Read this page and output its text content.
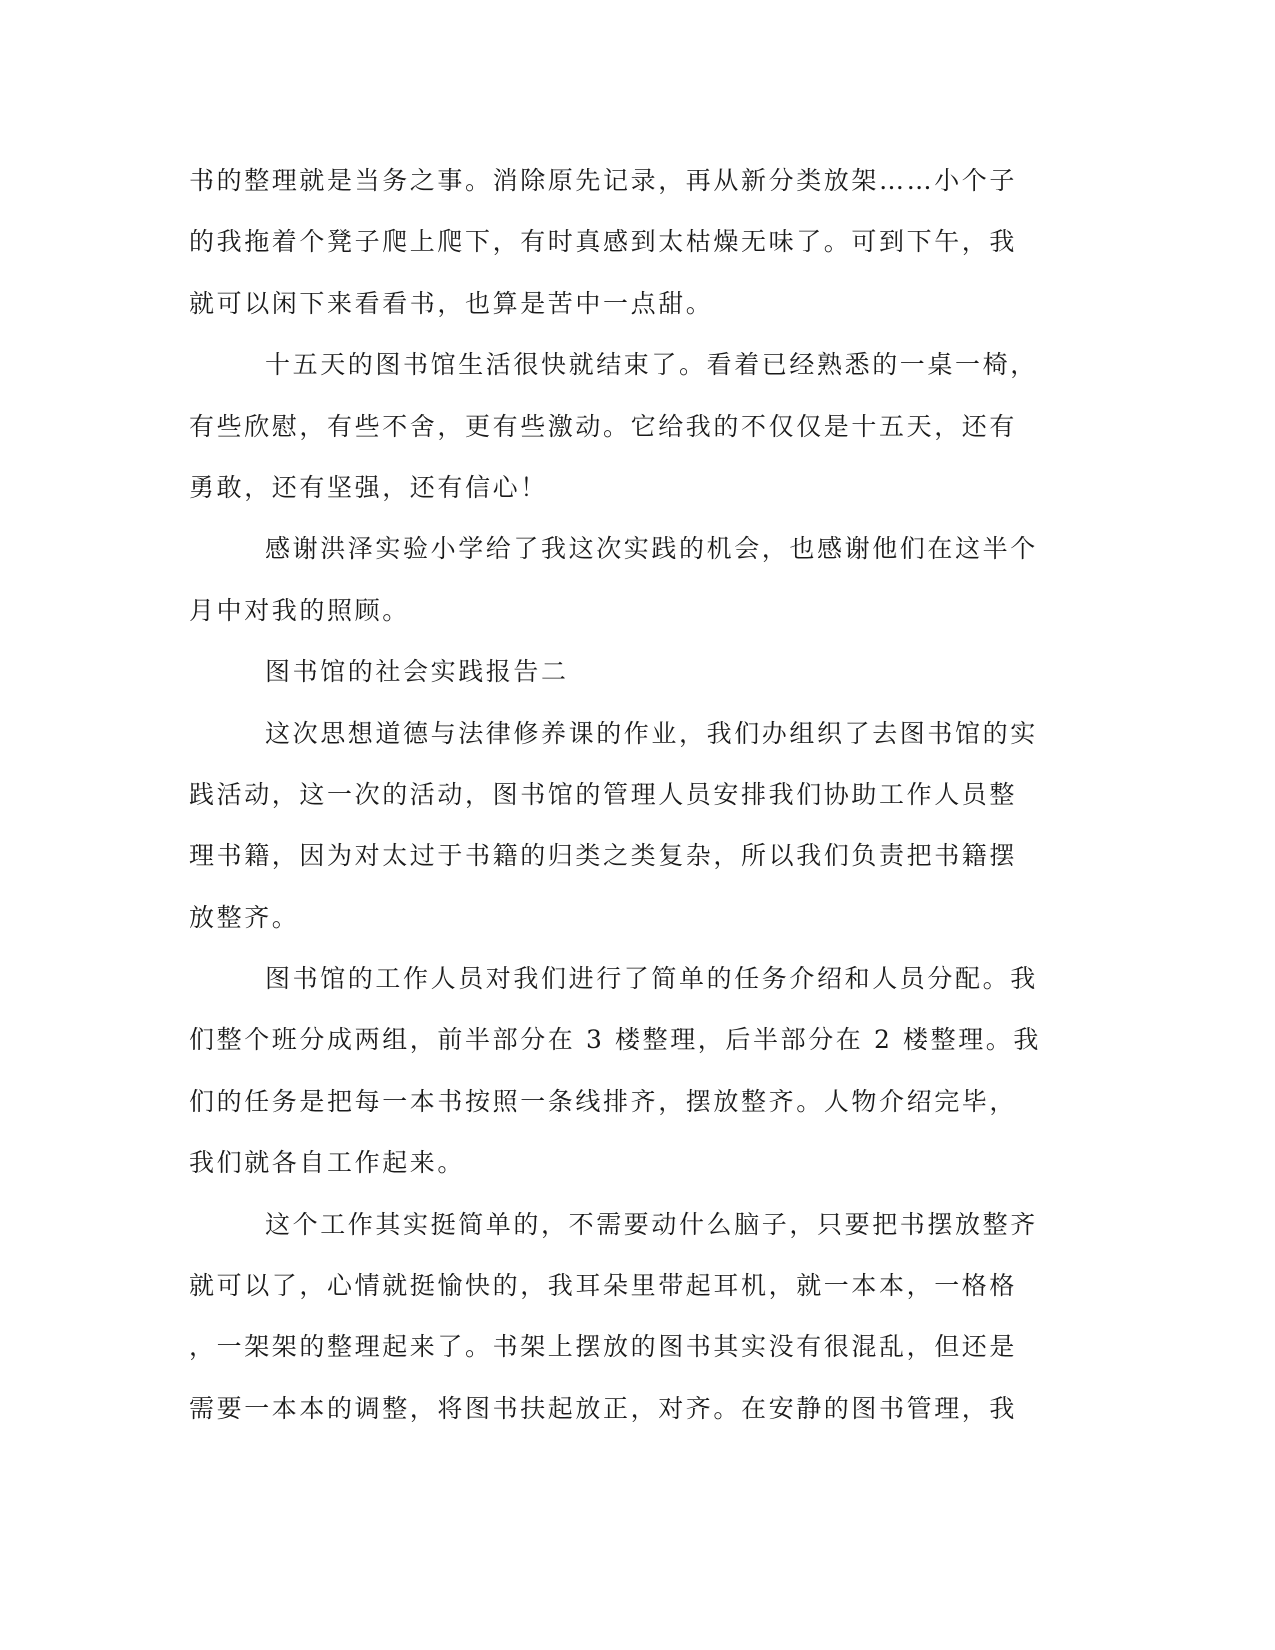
书的整理就是当务之事。消除原先记录，再从新分类放架……小个子
的我拖着个凳子爬上爬下，有时真感到太枯燥无味了。可到下午，我
就可以闲下来看看书，也算是苦中一点甜。
十五天的图书馆生活很快就结束了。看着已经熟悉的一桌一椅，
有些欣慰，有些不舍，更有些激动。它给我的不仅仅是十五天，还有
勇敢，还有坚强，还有信心！
感谢洪泽实验小学给了我这次实践的机会，也感谢他们在这半个
月中对我的照顾。
图书馆的社会实践报告二
这次思想道德与法律修养课的作业，我们办组织了去图书馆的实
践活动，这一次的活动，图书馆的管理人员安排我们协助工作人员整
理书籍，因为对太过于书籍的归类之类复杂，所以我们负责把书籍摆
放整齐。
图书馆的工作人员对我们进行了简单的任务介绍和人员分配。我
们整个班分成两组，前半部分在 3 楼整理，后半部分在 2 楼整理。我
们的任务是把每一本书按照一条线排齐，摆放整齐。人物介绍完毕，
我们就各自工作起来。
这个工作其实挺简单的，不需要动什么脑子，只要把书摆放整齐
就可以了，心情就挺愉快的，我耳朵里带起耳机，就一本本，一格格
，一架架的整理起来了。书架上摆放的图书其实没有很混乱，但还是
需要一本本的调整，将图书扶起放正，对齐。在安静的图书管理，我
